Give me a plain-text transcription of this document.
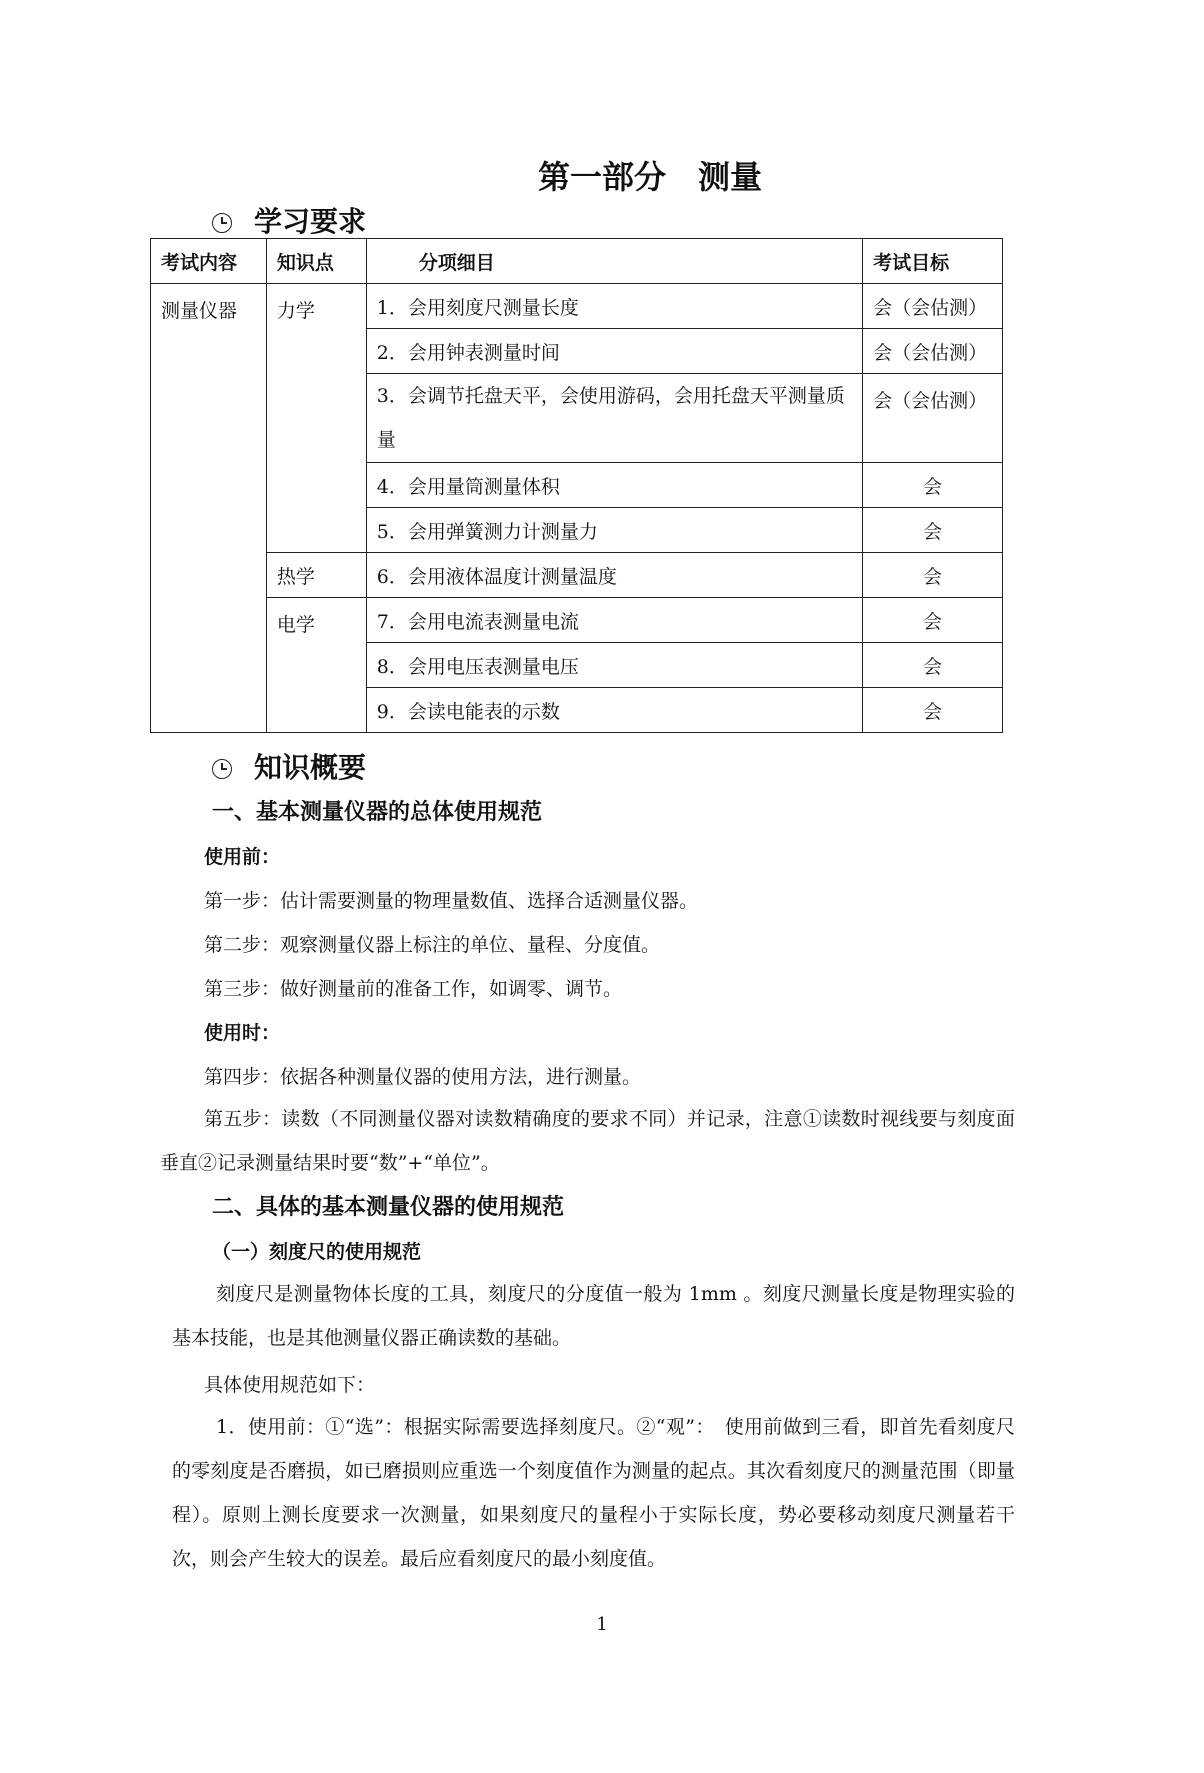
第一部分　测量
学习要求
考试内容	知识点	分项细目	考试目标
测量仪器	力学	1．会用刻度尺测量长度	会（会估测）
		2．会用钟表测量时间	会（会估测）
		3．会调节托盘天平，会使用游码，会用托盘天平测量质量	会（会估测）
		4．会用量筒测量体积	会
		5．会用弹簧测力计测量力	会
	热学	6．会用液体温度计测量温度	会
	电学	7．会用电流表测量电流	会
		8．会用电压表测量电压	会
		9．会读电能表的示数	会
知识概要
一、基本测量仪器的总体使用规范
使用前：
第一步：估计需要测量的物理量数值、选择合适测量仪器。
第二步：观察测量仪器上标注的单位、量程、分度值。
第三步：做好测量前的准备工作，如调零、调节。
使用时：
第四步：依据各种测量仪器的使用方法，进行测量。
第五步：读数（不同测量仪器对读数精确度的要求不同）并记录，注意①读数时视线要与刻度面垂直②记录测量结果时要“数”+“单位”。
二、具体的基本测量仪器的使用规范
（一）刻度尺的使用规范
刻度尺是测量物体长度的工具，刻度尺的分度值一般为 1mm 。刻度尺测量长度是物理实验的基本技能，也是其他测量仪器正确读数的基础。
具体使用规范如下：
1．使用前：①“选”：根据实际需要选择刻度尺。②“观”：　使用前做到三看，即首先看刻度尺的零刻度是否磨损，如已磨损则应重选一个刻度值作为测量的起点。其次看刻度尺的测量范围（即量程）。原则上测长度要求一次测量，如果刻度尺的量程小于实际长度，势必要移动刻度尺测量若干次，则会产生较大的误差。最后应看刻度尺的最小刻度值。
1
